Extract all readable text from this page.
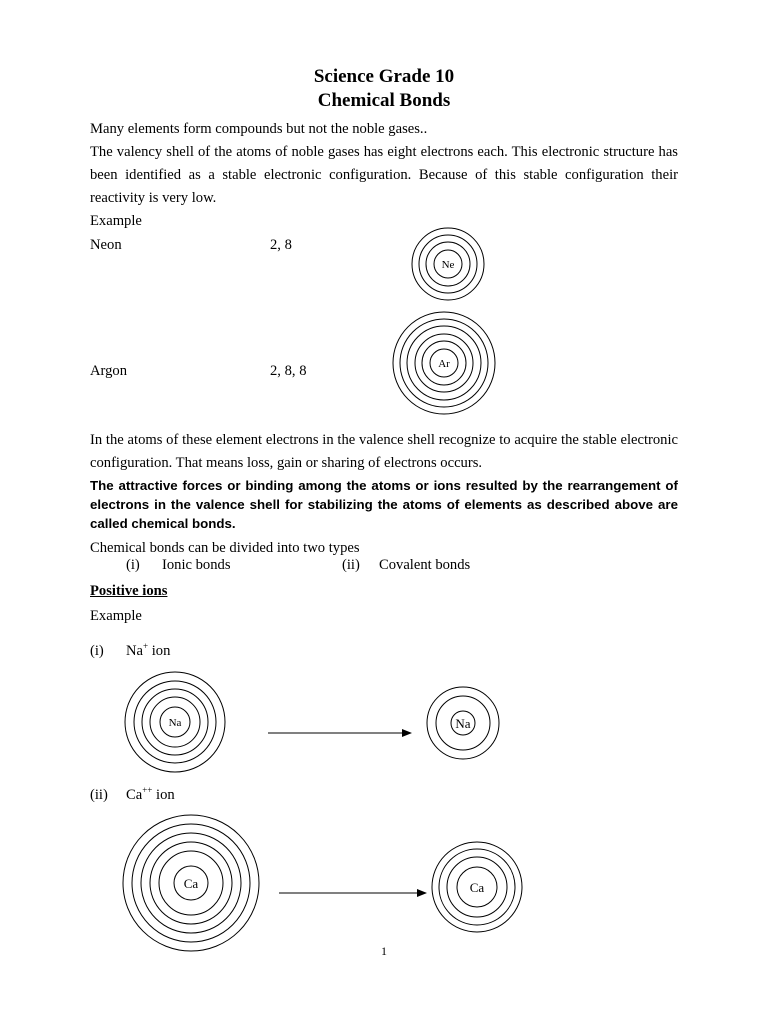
Science Grade 10
Chemical Bonds
Many elements form compounds but not the noble gases..
The valency shell of the atoms of noble gases has eight electrons each. This electronic structure has been identified as a stable electronic configuration. Because of this stable configuration their reactivity is very low.
Example
Neon	2, 8
Argon	2, 8, 8
In the atoms of these element electrons in the valence shell recognize to acquire the stable electronic configuration. That means loss, gain or sharing of electrons occurs.
The attractive forces or binding among the atoms or ions resulted by the rearrangement of electrons in the valence shell for stabilizing the atoms of elements as described above are called chemical bonds.
Chemical bonds can be divided into two types
(i) Ionic bonds	(ii) Covalent bonds
Positive ions
Example
(i) Na+ ion
(ii) Ca++ ion
Ne
Ar
Na	Na
Ca	Ca
1
